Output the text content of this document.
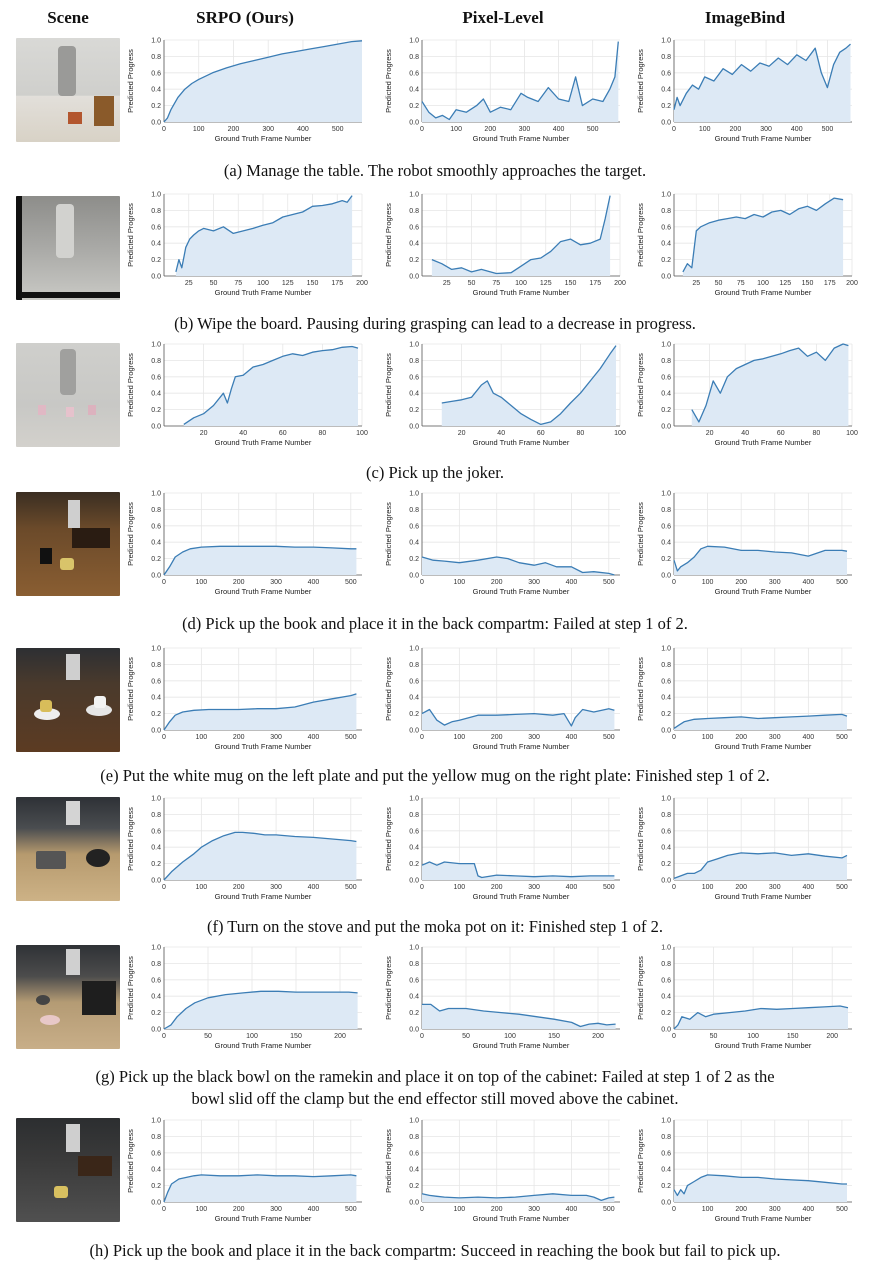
Scene	SRPO (Ours)	Pixel-Level	ImageBind
0.0
0.2
0.4
0.6
0.8
1.0
0	100	200	300	400	500
Ground Truth Frame Number
Predicted Progress
0.0
0.2
0.4
0.6
0.8
1.0
0	100	200	300	400	500
Ground Truth Frame Number
Predicted Progress
0.0
0.2
0.4
0.6
0.8
1.0
0	100	200	300	400	500
Ground Truth Frame Number
Predicted Progress
0.0
0.2
0.4
0.6
0.8
1.0
25 50 75 100 125 150 175 200
Ground Truth Frame Number
Predicted Progress
0.0
0.2
0.4
0.6
0.8
1.0
25 50 75 100 125 150 175 200
Ground Truth Frame Number
Predicted Progress
0.0
0.2
0.4
0.6
0.8
1.0
25 50 75 100 125 150 175 200
Ground Truth Frame Number
Predicted Progress
0.0
0.2
0.4
0.6
0.8
1.0
20	40	60	80	100
Ground Truth Frame Number
Predicted Progress
0.0
0.2
0.4
0.6
0.8
1.0
20	40	60	80	100
Ground Truth Frame Number
Predicted Progress
0.0
0.2
0.4
0.6
0.8
1.0
20	40	60	80	100
Ground Truth Frame Number
Predicted Progress
0.0
0.2
0.4
0.6
0.8
1.0
0	100	200	300	400	500
Ground Truth Frame Number
Predicted Progress
0.0
0.2
0.4
0.6
0.8
1.0
0	100	200	300	400	500
Ground Truth Frame Number
Predicted Progress
0.0
0.2
0.4
0.6
0.8
1.0
0	100	200	300	400	500
Ground Truth Frame Number
Predicted Progress
0.0
0.2
0.4
0.6
0.8
1.0
0	100	200	300	400	500
Ground Truth Frame Number
Predicted Progress
0.0
0.2
0.4
0.6
0.8
1.0
0	100	200	300	400	500
Ground Truth Frame Number
Predicted Progress
0.0
0.2
0.4
0.6
0.8
1.0
0	100	200	300	400	500
Ground Truth Frame Number
Predicted Progress
0.0
0.2
0.4
0.6
0.8
1.0
0	100	200	300	400	500
Ground Truth Frame Number
Predicted Progress
0.0
0.2
0.4
0.6
0.8
1.0
0	100	200	300	400	500
Ground Truth Frame Number
Predicted Progress
0.0
0.2
0.4
0.6
0.8
1.0
0	100	200	300	400	500
Ground Truth Frame Number
Predicted Progress
0.0
0.2
0.4
0.6
0.8
1.0
0	50	100	150	200
Ground Truth Frame Number
Predicted Progress
0.0
0.2
0.4
0.6
0.8
1.0
0	50	100	150	200
Ground Truth Frame Number
Predicted Progress
0.0
0.2
0.4
0.6
0.8
1.0
0	50	100	150	200
Ground Truth Frame Number
Predicted Progress
0.0
0.2
0.4
0.6
0.8
1.0
0	100	200	300	400	500
Ground Truth Frame Number
Predicted Progress
0.0
0.2
0.4
0.6
0.8
1.0
0	100	200	300	400	500
Ground Truth Frame Number
Predicted Progress
0.0
0.2
0.4
0.6
0.8
1.0
0	100	200	300	400	500
Ground Truth Frame Number
Predicted Progress
(a) Manage the table. The robot smoothly approaches the target.
(b) Wipe the board. Pausing during grasping can lead to a decrease in progress.
(c) Pick up the joker.
(d) Pick up the book and place it in the back compartm: Failed at step 1 of 2.
(e) Put the white mug on the left plate and put the yellow mug on the right plate: Finished step 1 of 2.
(f) Turn on the stove and put the moka pot on it: Finished step 1 of 2.
(g) Pick up the black bowl on the ramekin and place it on top of the cabinet: Failed at step 1 of 2 as the
bowl slid off the clamp but the end effector still moved above the cabinet.
(h) Pick up the book and place it in the back compartm: Succeed in reaching the book but fail to pick up.
